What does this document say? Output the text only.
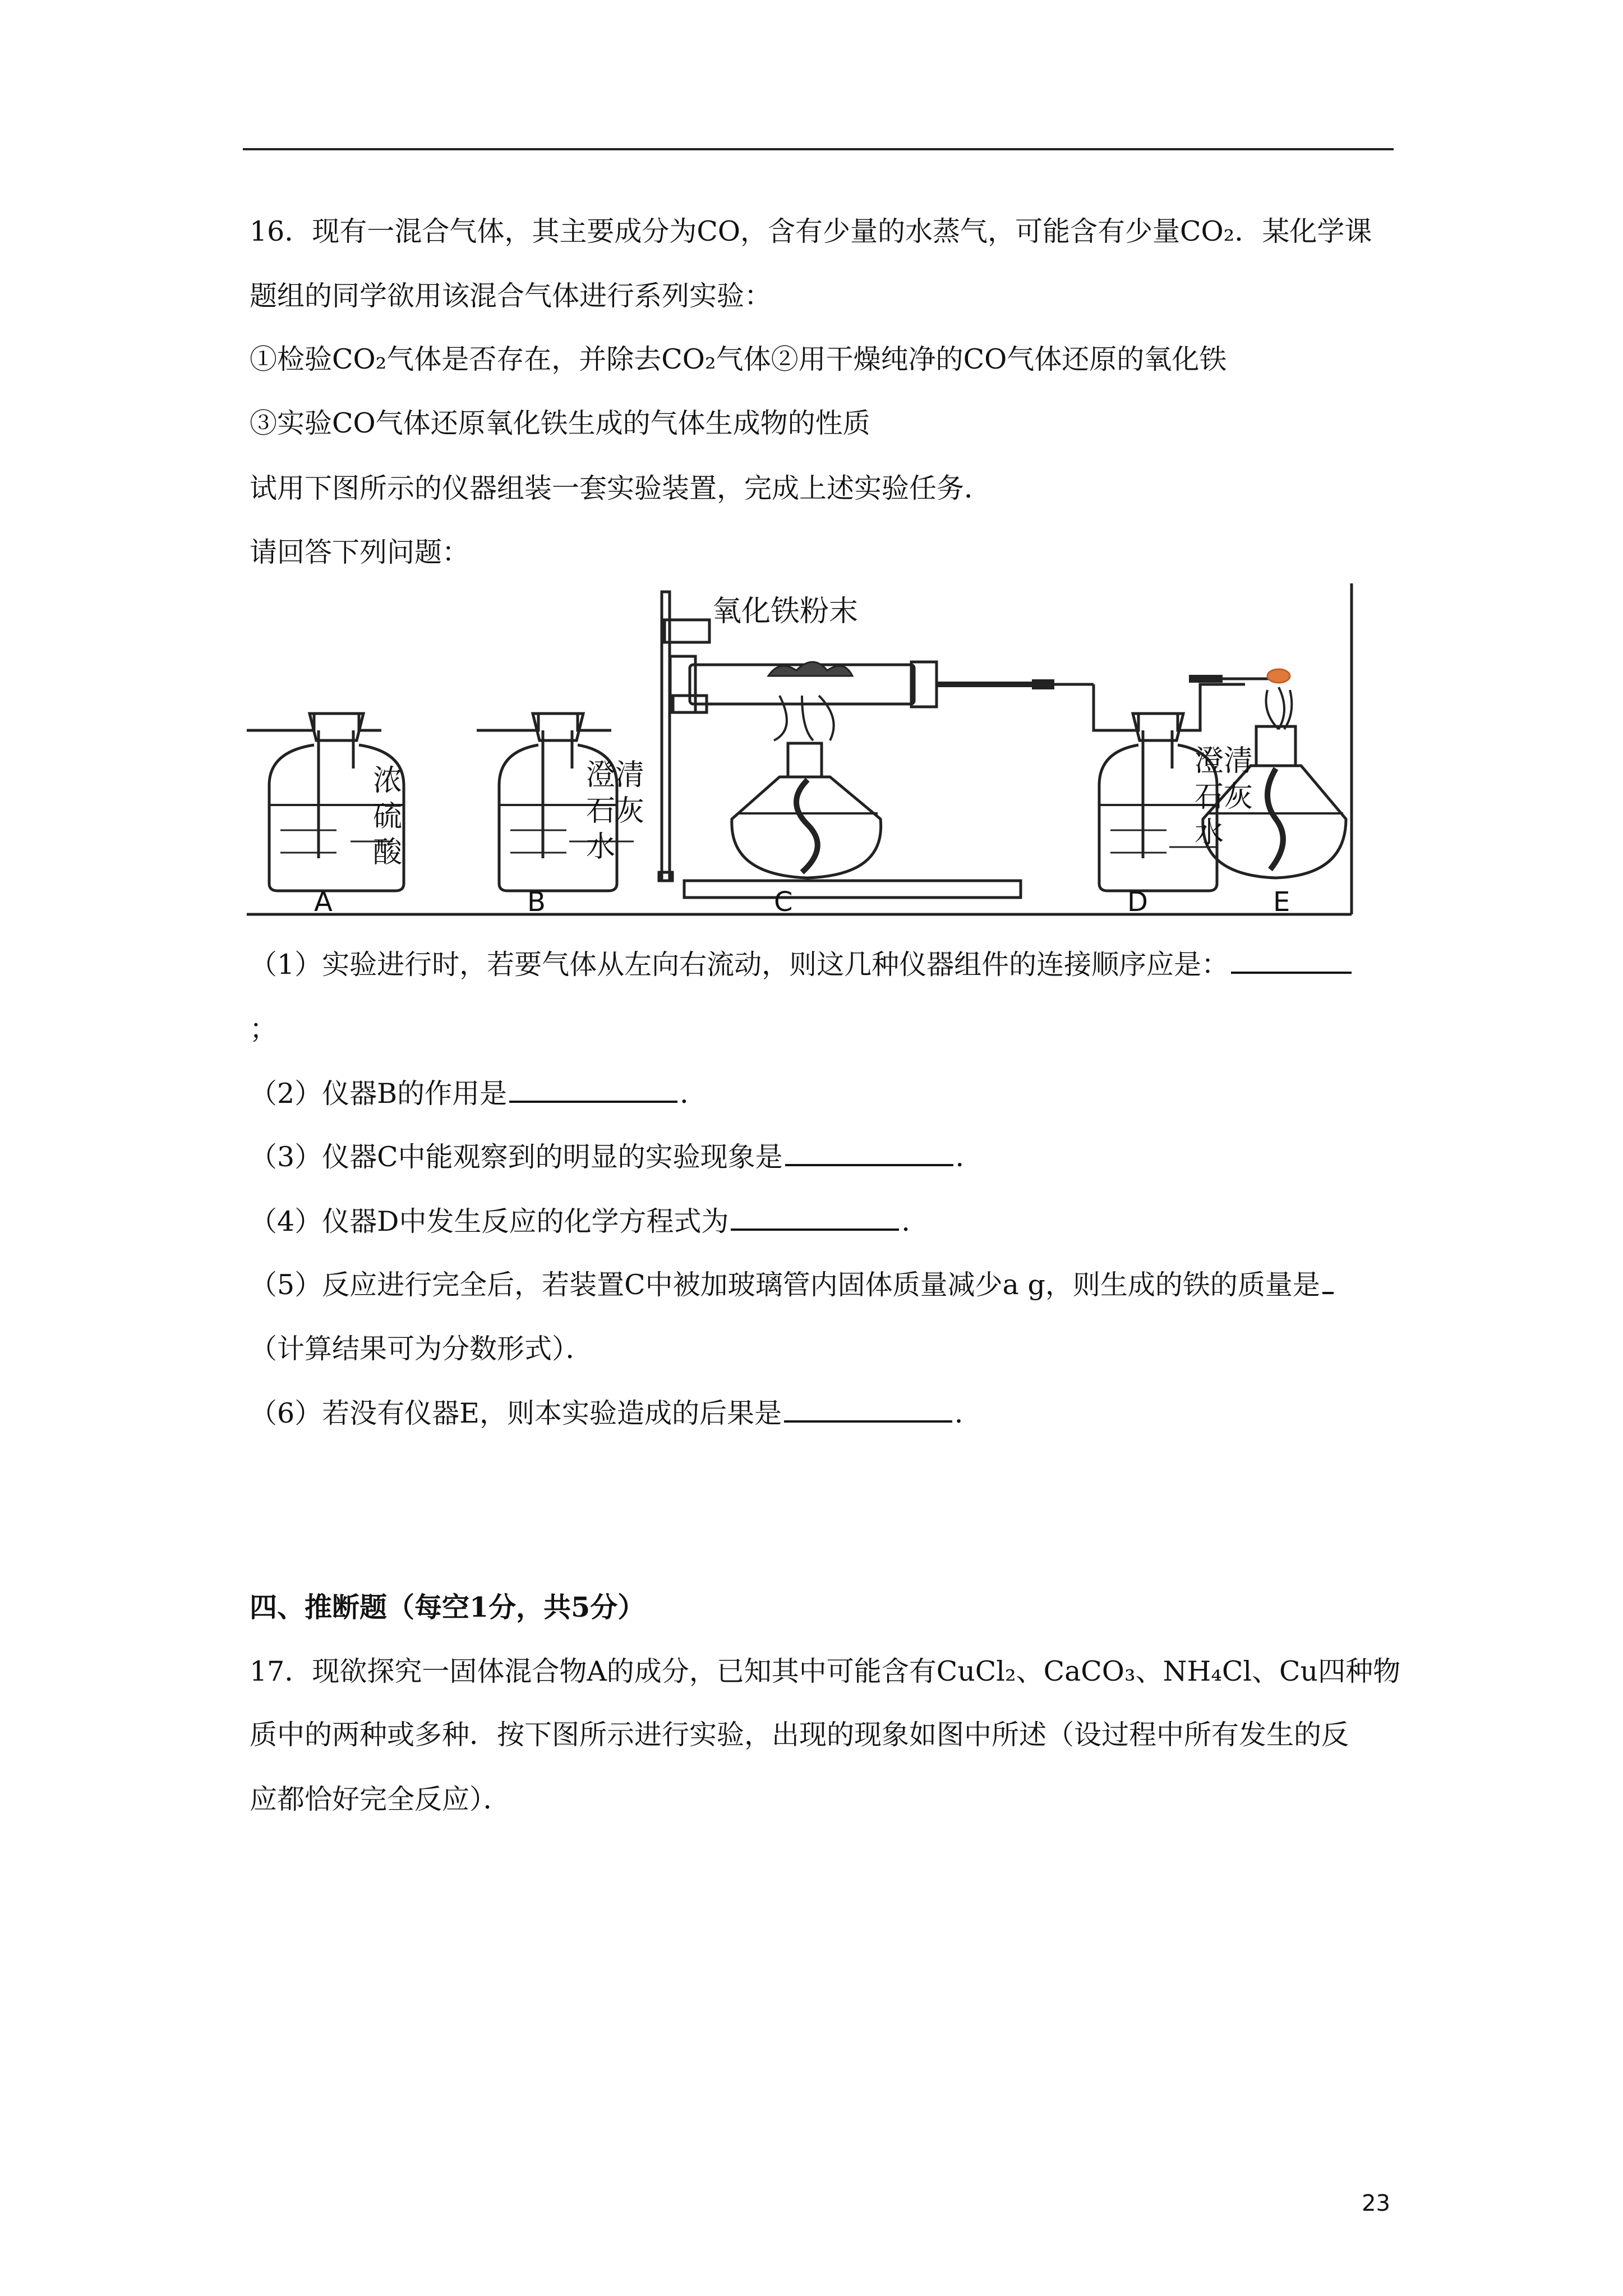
16．现有一混合气体，其主要成分为CO，含有少量的水蒸气，可能含有少量CO₂．某化学课
题组的同学欲用该混合气体进行系列实验：
①检验CO₂气体是否存在，并除去CO₂气体②用干燥纯净的CO气体还原的氧化铁
③实验CO气体还原氧化铁生成的气体生成物的性质
试用下图所示的仪器组装一套实验装置，完成上述实验任务．
请回答下列问题：
浓
硫
酸
澄清
石灰
水
氧化铁粉末
澄清
石灰
水
A	B	C	D	E
（1）实验进行时，若要气体从左向右流动，则这几种仪器组件的连接顺序应是：
；
（2）仪器B的作用是	．
（3）仪器C中能观察到的明显的实验现象是	．
（4）仪器D中发生反应的化学方程式为	．
（5）反应进行完全后，若装置C中被加玻璃管内固体质量减少a g，则生成的铁的质量是
（计算结果可为分数形式）．
（6）若没有仪器E，则本实验造成的后果是	．
四、推断题（每空1分，共5分）
17．现欲探究一固体混合物A的成分，已知其中可能含有CuCl₂、CaCO₃、NH₄Cl、Cu四种物
质中的两种或多种．按下图所示进行实验，出现的现象如图中所述（设过程中所有发生的反
应都恰好完全反应）．
23
